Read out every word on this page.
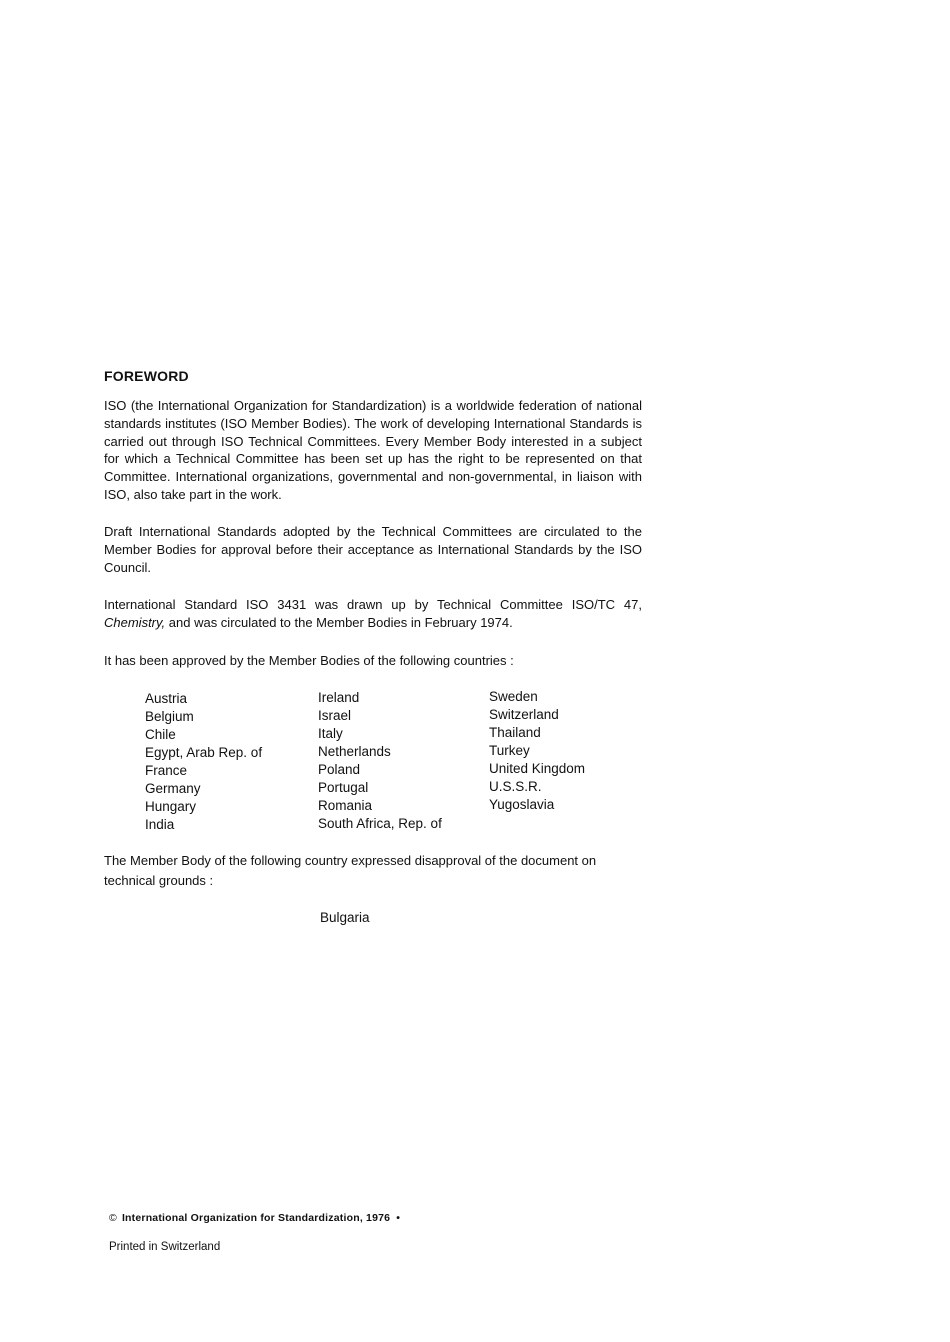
FOREWORD

ISO (the International Organization for Standardization) is a worldwide federation of national standards institutes (ISO Member Bodies). The work of developing International Standards is carried out through ISO Technical Committees. Every Member Body interested in a subject for which a Technical Committee has been set up has the right to be represented on that Committee. International organizations, governmental and non-governmental, in liaison with ISO, also take part in the work.

Draft International Standards adopted by the Technical Committees are circulated to the Member Bodies for approval before their acceptance as International Standards by the ISO Council.

International Standard ISO 3431 was drawn up by Technical Committee ISO/TC 47, Chemistry, and was circulated to the Member Bodies in February 1974.

It has been approved by the Member Bodies of the following countries :

Austria
Belgium
Chile
Egypt, Arab Rep. of
France
Germany
Hungary
India
Ireland
Israel
Italy
Netherlands
Poland
Portugal
Romania
South Africa, Rep. of
Sweden
Switzerland
Thailand
Turkey
United Kingdom
U.S.S.R.
Yugoslavia

The Member Body of the following country expressed disapproval of the document on technical grounds :

Bulgaria
© International Organization for Standardization, 1976 •
Printed in Switzerland
